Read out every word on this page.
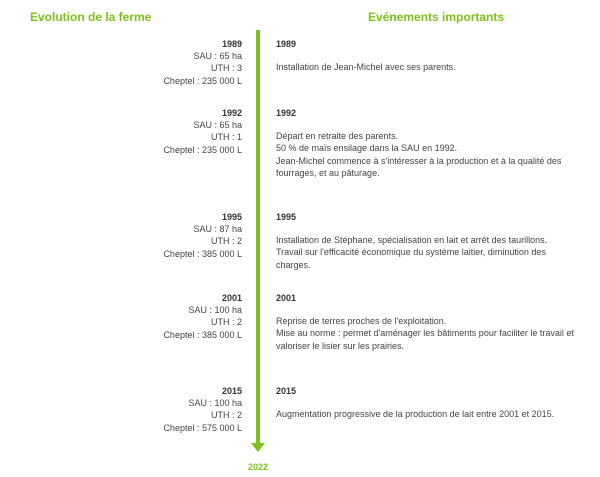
Evolution de la ferme	Evénements importants
2022
1989
SAU : 65 ha
UTH : 3
Cheptel : 235 000 L
1989
Installation de Jean-Michel avec ses parents.
1992
SAU : 65 ha
UTH : 1
Cheptel : 235 000 L
1992
Départ en retraite des parents.
50 % de maïs ensilage dans la SAU en 1992.
Jean-Michel commence à s'intéresser à la production et à la qualité des fourrages, et au pâturage.
1995
SAU : 87 ha
UTH : 2
Cheptel : 385 000 L
1995
Installation de Stéphane, spécialisation en lait et arrêt des taurillons. Travail sur l'efficacité économique du système laitier, diminution des charges.
2001
SAU : 100 ha
UTH : 2
Cheptel : 385 000 L
2001
Reprise de terres proches de l'exploitation.
Mise au norme : permet d'aménager les bâtiments pour faciliter le travail et valoriser le lisier sur les prairies.
2015
SAU : 100 ha
UTH : 2
Cheptel : 575 000 L
2015
Augmentation progressive de la production de lait entre 2001 et 2015.
